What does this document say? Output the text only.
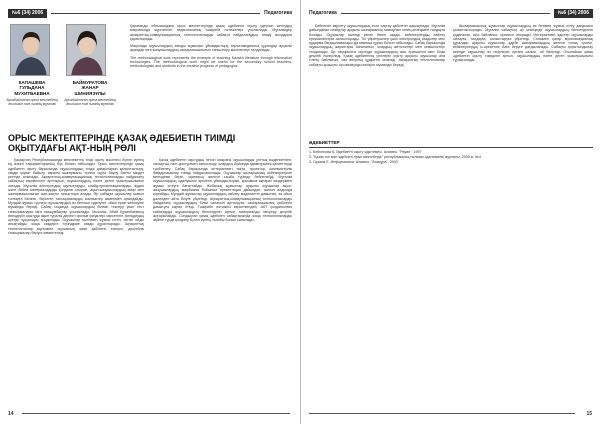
№6 (34) 2006	Педагогика
КАПАШЕВА
ГУЛЬДАНА
МУХИТБАЕВНА
Ауызбайтоған орта мектебінің ағылшын тілі пәнінің мұғалімі
БАЙМУРАТОВА
ЖАНАР
ШИНИЯЗҰЛЫ
Ауызбайтоған орта мектебінің ағылшын тілі пәнінің мұғалімі

Қарағанды облысындағы орыс мектептерінде қазақ әдебиетін оқыту үдерісін жетілдіру мақсатында жүргізілген педагогикалық тәжірибе нәтижелері ұсынылады. Мұғалімдер ақпараттық-коммуникациялық технологияларды сабақта пайдаланудың тиімді жолдарын қарастырады.

Мақалада оқушылардың өзіндік жұмысын ұйымдастыру, мультимедиялық құралдар арқылы ақындар мен жазушылардың шығармашылығын таныстыру мәселелері талданады.

The methodological work represents the example of teaching Kazakh literature through information technologies. The methodological work might be useful for the secondary school teachers, methodologists and students in the creative progress of pedagogics.

ОРЫС МЕКТЕПТЕРІНДЕ ҚАЗАҚ ӘДЕБИЕТІН ТИІМДІ ОҚЫТУДАҒЫ АҚТ-НЫҢ РӨЛІ

Қазақстан Республикасында мемлекеттік тілді оқыту мәселесі бүгінгі күннің ең өзекті тақырыптарының бірі болып табылады. Орыс мектептерінде қазақ әдебиетін оқыту барысында оқушылардың тілдік дағдыларын қалыптастыру, сөздік қорын байыту, көркем шығарманы түсініп оқуға баулу басты міндет ретінде алынады. Ақпараттық-коммуникациялық технологияларды пайдалану сабақтың көрнекілігін арттырып, оқушылардың пәнге деген қызығушылығын оятады. Мұғалім электрондық оқулықтарды, слайд-презентацияларды, аудио және бейне материалдарды қолдана отырып, ақын-жазушылардың өмірі мен шығармашылығын жан-жақты таныстыра алады. Әр сабақта оқушылар шағын топтарға бөлініп, берілген тапсырмаларды компьютер көмегімен орындайды. Мұндай жұмыс түрлері оқушылардың өз бетінше ізденуіне, ойын еркін жеткізуіне мүмкіндік береді. Сабақ соңында оқушылардың білімін тексеру үшін тест тапсырмалары мен сөзжұмбақтар ұсынылады. Мысалы, Абай Құнанбаевтың өлеңдерін оқытуда ақын туралы деректі фильм үзінділері көрсетіліп, өлеңдердің әуенді нұсқалары тыңдалады. Оқушылар мәтінмен жұмыс істеп, негізгі ойды анықтайды, жаңа сөздерге түсіндірме сөздік құрастырады. Ақпараттық технологиялар мұғалімге оқушының жеке қабілетін ескеріп, деңгейлік тапсырмалар беруге көмектеседі.

Қазақ әдебиетін оқытудың негізгі мақсаты оқушыларды ұлттық мәдениетпен, халықтың салт-дәстүрімен таныстыру, олардың бойында адамгершілік қасиеттерді тәрбиелеу. Сабақ барысында интерактивті тақта, проектор, компьютерлік бағдарламалар тиімді пайдаланылады. Оқушылар шығарманың кейіпкерлеріне мінездеме беріп, оқиғаның желісін сызба түрінде бейнелейді. Мұғалім оқушылардың ізденушілік әрекетін ұйымдастырып, қосымша ақпарат көздерімен жұмыс істеуге бағыттайды. Жобалық жұмыстар арқылы оқушылар ақын-жазушылардың өмірбаяны бойынша презентация дайындап, сынып алдында қорғайды. Мұндай жұмыстар оқушылардың сөйлеу мәдениетін дамытып, өз ойын дәлелдеп айта білуге үйретеді. Ақпараттық-коммуникациялық технологияларды пайдалану оқушылардың білім сапасын арттыруға, шығармашылық қабілетін дамытуға ықпал етеді. Тәжірибе нәтижесі көрсеткендей, АКТ қолданылған сабақтарда оқушылардың белсенділігі артып, материалды меңгеру деңгейі жоғарылайды. Сондықтан қазақ әдебиеті сабақтарында жаңа технологияларды жүйелі түрде қолдану бүгінгі күннің талабы болып саналады.

14
Педагогика	№6 (34) 2006

Бейнелеп көрсету оқушылардың есте сақтау қабілетін жақсартады. Мұғалім дайындаған слайдтар арқылы шығарманың мазмұнын кезең-кезеңімен талдауға болады. Оқушылар мәтінді рөлге бөліп оқиды, кейіпкерлердің сөйлеу ерекшеліктерін салыстырады. Тіл үйренушілер үшін электрондық сөздіктер мен аударма бағдарламалары да көмекші құрал болып табылады. Сабақ барысында оқушылардың жауаптары бағаланып, олардың жетістіктері мен кемшіліктері талданады. Әр тақырыпты оқытуда оқушылардың жас ерекшелігі мен білім деңгейі ескеріледі. Қазақ әдебиетінің үлгілерін оқыту арқылы оқушылар ана тілінің байлығын, сөз өнерінің құдіретін сезінеді. Ақпараттық технологиялар сабақты қызықты әрі мазмұнды өткізуге мүмкіндік береді.

Шығармашылық жұмыстар оқушылардың өз бетімен жұмыс істеу дағдысын қалыптастырады. Мұғалім сабақтың әр кезеңінде оқушылардың белсенділігін қадағалап, кері байланыс орнатып отырады. Интерактивті әдістер оқушыларды ойлауға, талдауға, салыстыруға үйретеді. Сонымен қатар мультимедиялық құралдар арқылы оқушылар әдеби шығармалардың желісін толық түсініп, кейіпкерлердің іс-әрекетіне баға беруге дағдыланады. Сабақты қорытындылау кезінде оқушылар өз пікірлерін ортаға салып, ой бөліседі. Осылайша қазақ әдебиетін оқыту тиімділігі артып, оқушылардың пәнге деген қызығушылығы тұрақталады.

ӘДЕБИЕТТЕР
1. Бейсенова К. Әдебиетті оқыту әдістемесі. Алматы: "Рауан", 1997
2. "Қазақ тілі мен әдебиеті орыс мектебінде" республикалық ғылыми-әдістемелік журналы, 2005 ж. №4
3. Оразов Е. Информатика. Алматы: "Атамұра", 2003
15
